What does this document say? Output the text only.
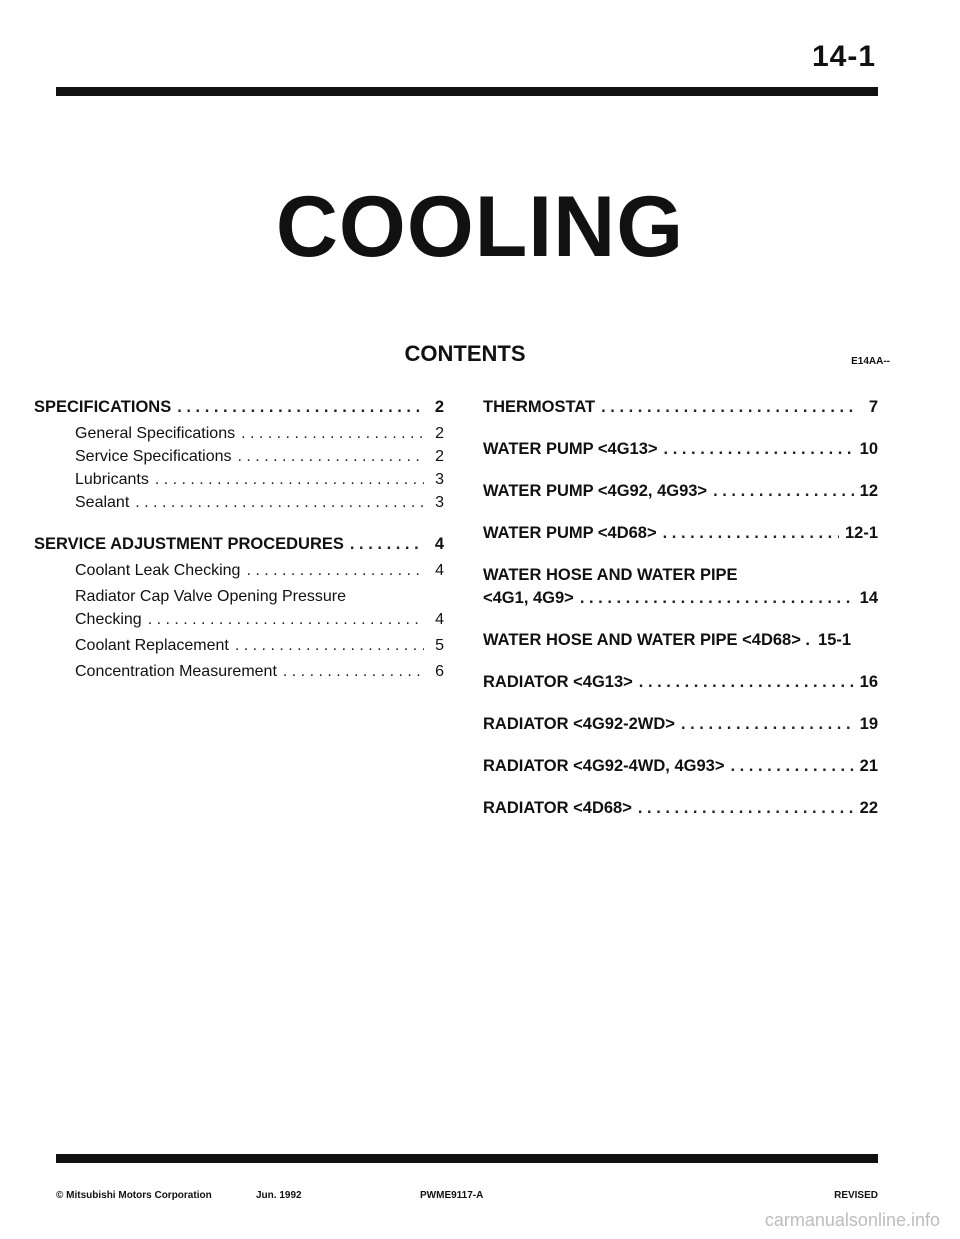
14-1
COOLING
CONTENTS	E14AA--
SPECIFICATIONS . . .	2
General Specifications . . .	2
Service Specifications . . .	2
Lubricants . . .	3
Sealant . . .	3
SERVICE ADJUSTMENT PROCEDURES . . .	4
Coolant Leak Checking . . .	4
Radiator Cap Valve Opening Pressure
Checking . . .	4
Coolant Replacement . . .	5
Concentration Measurement . . .	6
THERMOSTAT . . .	7
WATER PUMP <4G13> . . .	10
WATER PUMP <4G92, 4G93> . . .	12
WATER PUMP <4D68> . . .	12-1
WATER HOSE AND WATER PIPE
<4G1, 4G9> . . .	14
WATER HOSE AND WATER PIPE <4D68> . 15-1
RADIATOR <4G13> . . .	16
RADIATOR <4G92-2WD> . . .	19
RADIATOR <4G92-4WD, 4G93> . . .	21
RADIATOR <4D68> . . .	22
© Mitsubishi Motors Corporation	Jun. 1992	PWME9117-A	REVISED
carmanualsonline.info
